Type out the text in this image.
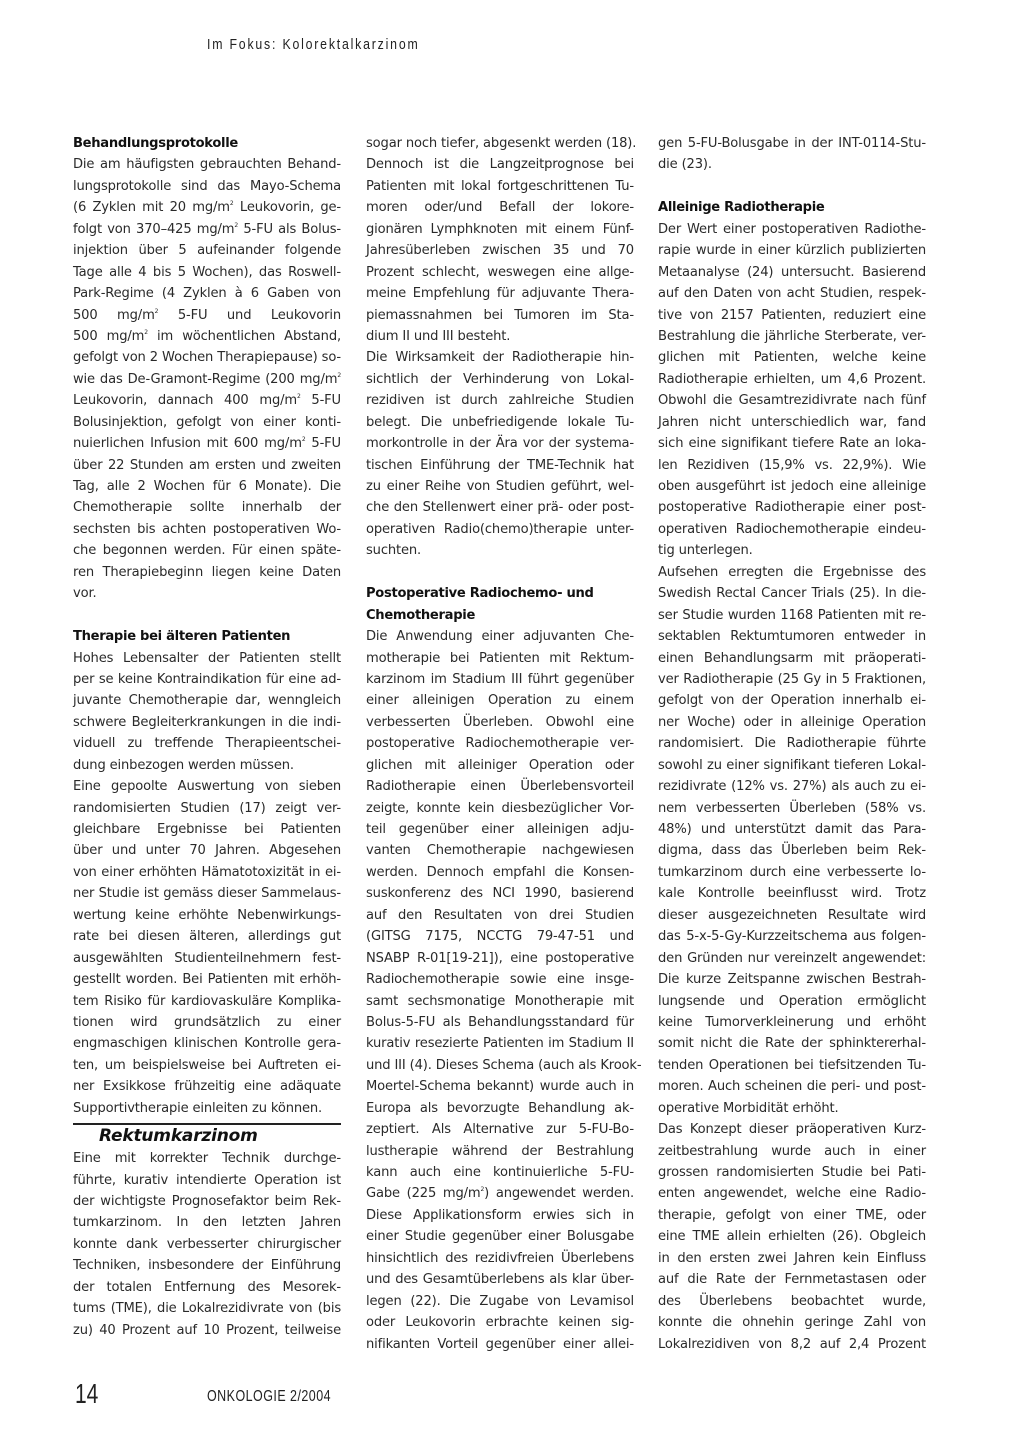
Im Fokus: Kolorektalkarzinom
Behandlungsprotokolle
Die am häufigsten gebrauchten Behand-
lungsprotokolle sind das Mayo-Schema
(6 Zyklen mit 20 $mg/m^2$ Leukovorin, ge-
folgt von 370–425 $mg/m^2$ 5-FU als Bolus-
injektion über 5 aufeinander folgende
Tage alle 4 bis 5 Wochen), das Roswell-
Park-Regime (4 Zyklen à 6 Gaben von
500 $mg/m^2$ 5-FU und Leukovorin
500 $mg/m^2$ im wöchentlichen Abstand,
gefolgt von 2 Wochen Therapiepause) so-
wie das De-Gramont-Regime (200 $mg/m^2$
Leukovorin, dannach 400 $mg/m^2$ 5-FU
Bolusinjektion, gefolgt von einer konti-
nuierlichen Infusion mit 600 $mg/m^2$ 5-FU
über 22 Stunden am ersten und zweiten
Tag, alle 2 Wochen für 6 Monate). Die
Chemotherapie sollte innerhalb der
sechsten bis achten postoperativen Wo-
che begonnen werden. Für einen späte-
ren Therapiebeginn liegen keine Daten
vor.
Therapie bei älteren Patienten
Hohes Lebensalter der Patienten stellt
per se keine Kontraindikation für eine ad-
juvante Chemotherapie dar, wenngleich
schwere Begleiterkrankungen in die indi-
viduell zu treffende Therapieentschei-
dung einbezogen werden müssen.
Eine gepoolte Auswertung von sieben
randomisierten Studien (17) zeigt ver-
gleichbare Ergebnisse bei Patienten
über und unter 70 Jahren. Abgesehen
von einer erhöhten Hämatotoxizität in ei-
ner Studie ist gemäss dieser Sammelaus-
wertung keine erhöhte Nebenwirkungs-
rate bei diesen älteren, allerdings gut
ausgewählten Studienteilnehmern fest-
gestellt worden. Bei Patienten mit erhöh-
tem Risiko für kardiovaskuläre Komplika-
tionen wird grundsätzlich zu einer
engmaschigen klinischen Kontrolle gera-
ten, um beispielsweise bei Auftreten ei-
ner Exsikkose frühzeitig eine adäquate
Supportivtherapie einleiten zu können.
Rektumkarzinom
Eine mit korrekter Technik durchge-
führte, kurativ intendierte Operation ist
der wichtigste Prognosefaktor beim Rek-
tumkarzinom. In den letzten Jahren
konnte dank verbesserter chirurgischer
Techniken, insbesondere der Einführung
der totalen Entfernung des Mesorek-
tums (TME), die Lokalrezidivrate von (bis
zu) 40 Prozent auf 10 Prozent, teilweise
sogar noch tiefer, abgesenkt werden (18).
Dennoch ist die Langzeitprognose bei
Patienten mit lokal fortgeschrittenen Tu-
moren oder/und Befall der lokore-
gionären Lymphknoten mit einem Fünf-
Jahresüberleben zwischen 35 und 70
Prozent schlecht, weswegen eine allge-
meine Empfehlung für adjuvante Thera-
piemassnahmen bei Tumoren im Sta-
dium II und III besteht.
Die Wirksamkeit der Radiotherapie hin-
sichtlich der Verhinderung von Lokal-
rezidiven ist durch zahlreiche Studien
belegt. Die unbefriedigende lokale Tu-
morkontrolle in der Ära vor der systema-
tischen Einführung der TME-Technik hat
zu einer Reihe von Studien geführt, wel-
che den Stellenwert einer prä- oder post-
operativen Radio(chemo)therapie unter-
suchten.
Postoperative Radiochemo- und
Chemotherapie
Die Anwendung einer adjuvanten Che-
motherapie bei Patienten mit Rektum-
karzinom im Stadium III führt gegenüber
einer alleinigen Operation zu einem
verbesserten Überleben. Obwohl eine
postoperative Radiochemotherapie ver-
glichen mit alleiniger Operation oder
Radiotherapie einen Überlebensvorteil
zeigte, konnte kein diesbezüglicher Vor-
teil gegenüber einer alleinigen adju-
vanten Chemotherapie nachgewiesen
werden. Dennoch empfahl die Konsen-
suskonferenz des NCI 1990, basierend
auf den Resultaten von drei Studien
(GITSG 7175, NCCTG 79-47-51 und
NSABP R-01[19-21]), eine postoperative
Radiochemotherapie sowie eine insge-
samt sechsmonatige Monotherapie mit
Bolus-5-FU als Behandlungsstandard für
kurativ resezierte Patienten im Stadium II
und III (4). Dieses Schema (auch als Krook-
Moertel-Schema bekannt) wurde auch in
Europa als bevorzugte Behandlung ak-
zeptiert. Als Alternative zur 5-FU-Bo-
lustherapie während der Bestrahlung
kann auch eine kontinuierliche 5-FU-
Gabe (225 $mg/m^2$) angewendet werden.
Diese Applikationsform erwies sich in
einer Studie gegenüber einer Bolusgabe
hinsichtlich des rezidivfreien Überlebens
und des Gesamtüberlebens als klar über-
legen (22). Die Zugabe von Levamisol
oder Leukovorin erbrachte keinen sig-
nifikanten Vorteil gegenüber einer allei-
gen 5-FU-Bolusgabe in der INT-0114-Stu-
die (23).
Alleinige Radiotherapie
Der Wert einer postoperativen Radiothe-
rapie wurde in einer kürzlich publizierten
Metaanalyse (24) untersucht. Basierend
auf den Daten von acht Studien, respek-
tive von 2157 Patienten, reduziert eine
Bestrahlung die jährliche Sterberate, ver-
glichen mit Patienten, welche keine
Radiotherapie erhielten, um 4,6 Prozent.
Obwohl die Gesamtrezidivrate nach fünf
Jahren nicht unterschiedlich war, fand
sich eine signifikant tiefere Rate an loka-
len Rezidiven (15,9% vs. 22,9%). Wie
oben ausgeführt ist jedoch eine alleinige
postoperative Radiotherapie einer post-
operativen Radiochemotherapie eindeu-
tig unterlegen.
Aufsehen erregten die Ergebnisse des
Swedish Rectal Cancer Trials (25). In die-
ser Studie wurden 1168 Patienten mit re-
sektablen Rektumtumoren entweder in
einen Behandlungsarm mit präoperati-
ver Radiotherapie (25 Gy in 5 Fraktionen,
gefolgt von der Operation innerhalb ei-
ner Woche) oder in alleinige Operation
randomisiert. Die Radiotherapie führte
sowohl zu einer signifikant tieferen Lokal-
rezidivrate (12% vs. 27%) als auch zu ei-
nem verbesserten Überleben (58% vs.
48%) und unterstützt damit das Para-
digma, dass das Überleben beim Rek-
tumkarzinom durch eine verbesserte lo-
kale Kontrolle beeinflusst wird. Trotz
dieser ausgezeichneten Resultate wird
das 5-x-5-Gy-Kurzzeitschema aus folgen-
den Gründen nur vereinzelt angewendet:
Die kurze Zeitspanne zwischen Bestrah-
lungsende und Operation ermöglicht
keine Tumorverkleinerung und erhöht
somit nicht die Rate der sphinktererhal-
tenden Operationen bei tiefsitzenden Tu-
moren. Auch scheinen die peri- und post-
operative Morbidität erhöht.
Das Konzept dieser präoperativen Kurz-
zeitbestrahlung wurde auch in einer
grossen randomisierten Studie bei Pati-
enten angewendet, welche eine Radio-
therapie, gefolgt von einer TME, oder
eine TME allein erhielten (26). Obgleich
in den ersten zwei Jahren kein Einfluss
auf die Rate der Fernmetastasen oder
des Überlebens beobachtet wurde,
konnte die ohnehin geringe Zahl von
Lokalrezidiven von 8,2 auf 2,4 Prozent
14	ONKOLOGIE 2/2004
